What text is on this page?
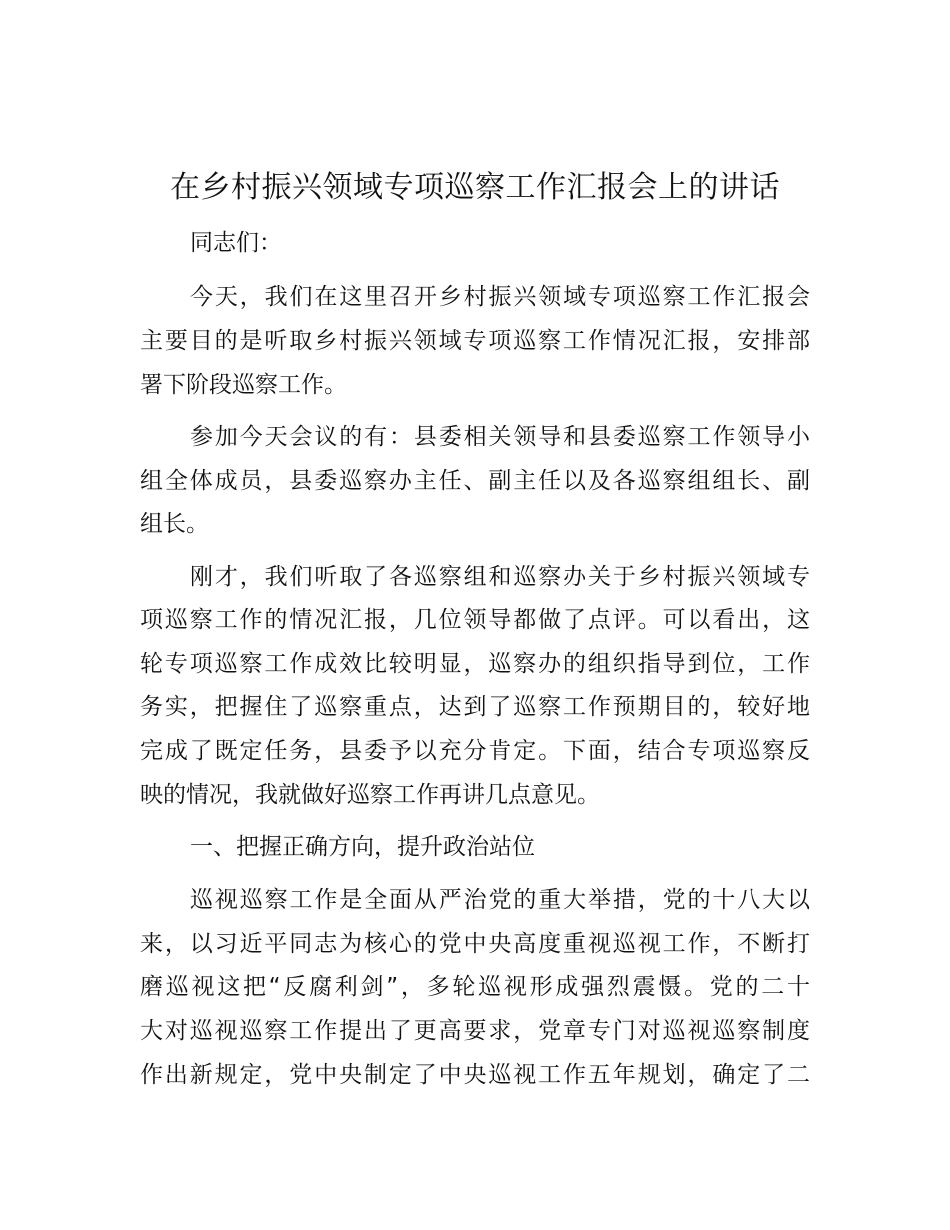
在乡村振兴领域专项巡察工作汇报会上的讲话
同志们：
今天，我们在这里召开乡村振兴领域专项巡察工作汇报会
主要目的是听取乡村振兴领域专项巡察工作情况汇报，安排部
署下阶段巡察工作。
参加今天会议的有：县委相关领导和县委巡察工作领导小
组全体成员，县委巡察办主任、副主任以及各巡察组组长、副
组长。
刚才，我们听取了各巡察组和巡察办关于乡村振兴领域专
项巡察工作的情况汇报，几位领导都做了点评。可以看出，这
轮专项巡察工作成效比较明显，巡察办的组织指导到位，工作
务实，把握住了巡察重点，达到了巡察工作预期目的，较好地
完成了既定任务，县委予以充分肯定。下面，结合专项巡察反
映的情况，我就做好巡察工作再讲几点意见。
一、把握正确方向，提升政治站位
巡视巡察工作是全面从严治党的重大举措，党的十八大以
来，以习近平同志为核心的党中央高度重视巡视工作，不断打
磨巡视这把“反腐利剑”，多轮巡视形成强烈震慑。党的二十
大对巡视巡察工作提出了更高要求，党章专门对巡视巡察制度
作出新规定，党中央制定了中央巡视工作五年规划，确定了二
